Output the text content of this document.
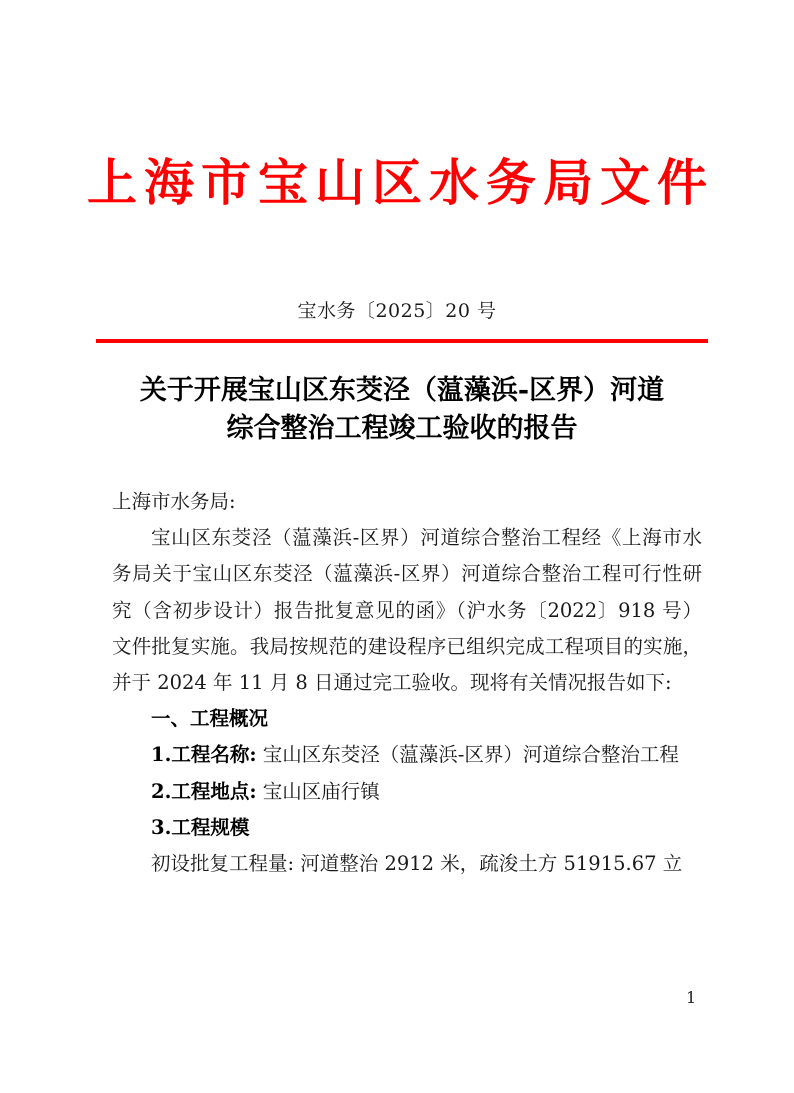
上海市宝山区水务局文件
宝水务〔2025〕20 号
关于开展宝山区东茭泾（蕰藻浜-区界）河道
综合整治工程竣工验收的报告

上海市水务局:

宝山区东茭泾（蕰藻浜-区界）河道综合整治工程经《上海市水务局关于宝山区东茭泾（蕰藻浜-区界）河道综合整治工程可行性研究（含初步设计）报告批复意见的函》（沪水务〔2022〕918 号）文件批复实施。我局按规范的建设程序已组织完成工程项目的实施，并于 2024 年 11 月 8 日通过完工验收。现将有关情况报告如下:

一、工程概况

1.工程名称: 宝山区东茭泾（蕰藻浜-区界）河道综合整治工程

2.工程地点: 宝山区庙行镇

3.工程规模

初设批复工程量: 河道整治 2912 米，疏浚土方 51915.67 立

1
